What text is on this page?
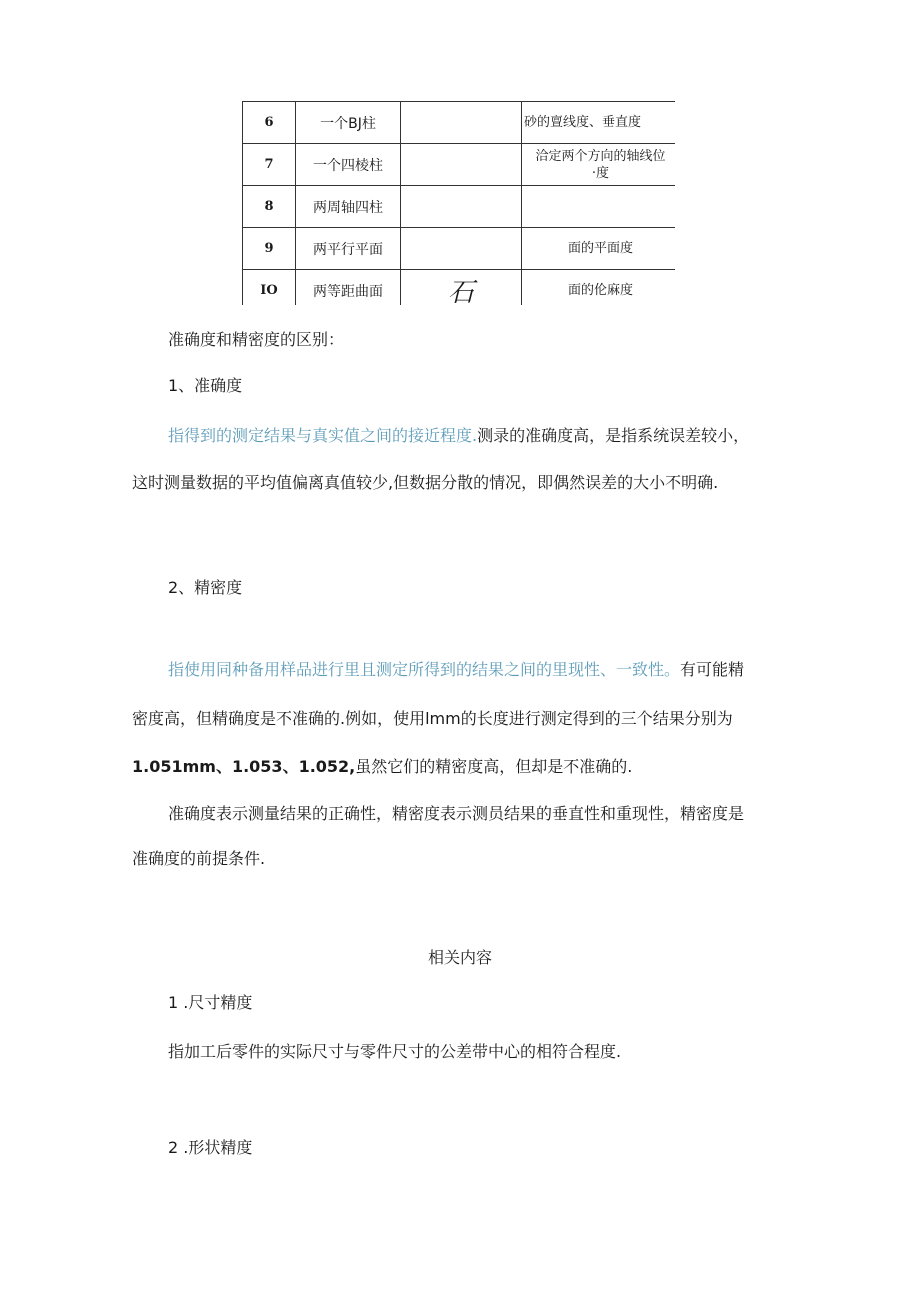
6	一个BJ柱		砂的亶线度、垂直度
7	一个四棱柱		洽定两个方向的轴线位
·度

8	两周轴四柱		
9	两平行平面		面的平面度
IO	两等距曲面	石	面的伦麻度
准确度和精密度的区别：
1、准确度
指得到的测定结果与真实值之间的接近程度.测录的准确度高，是指系统误差较小，
这时测量数据的平均值偏离真值较少,但数据分散的情况，即偶然误差的大小不明确.
2、精密度
指使用同种备用样品进行里且测定所得到的结果之间的里现性、一致性。有可能精
密度高，但精确度是不准确的.例如，使用lmm的长度进行测定得到的三个结果分别为
1.051mm、1.053、1.052,虽然它们的精密度高，但却是不准确的.
准确度表示测量结果的正确性，精密度表示测员结果的垂直性和重现性，精密度是
准确度的前提条件.
相关内容
1 .尺寸精度
指加工后零件的实际尺寸与零件尺寸的公差带中心的相符合程度.
2 .形状精度
